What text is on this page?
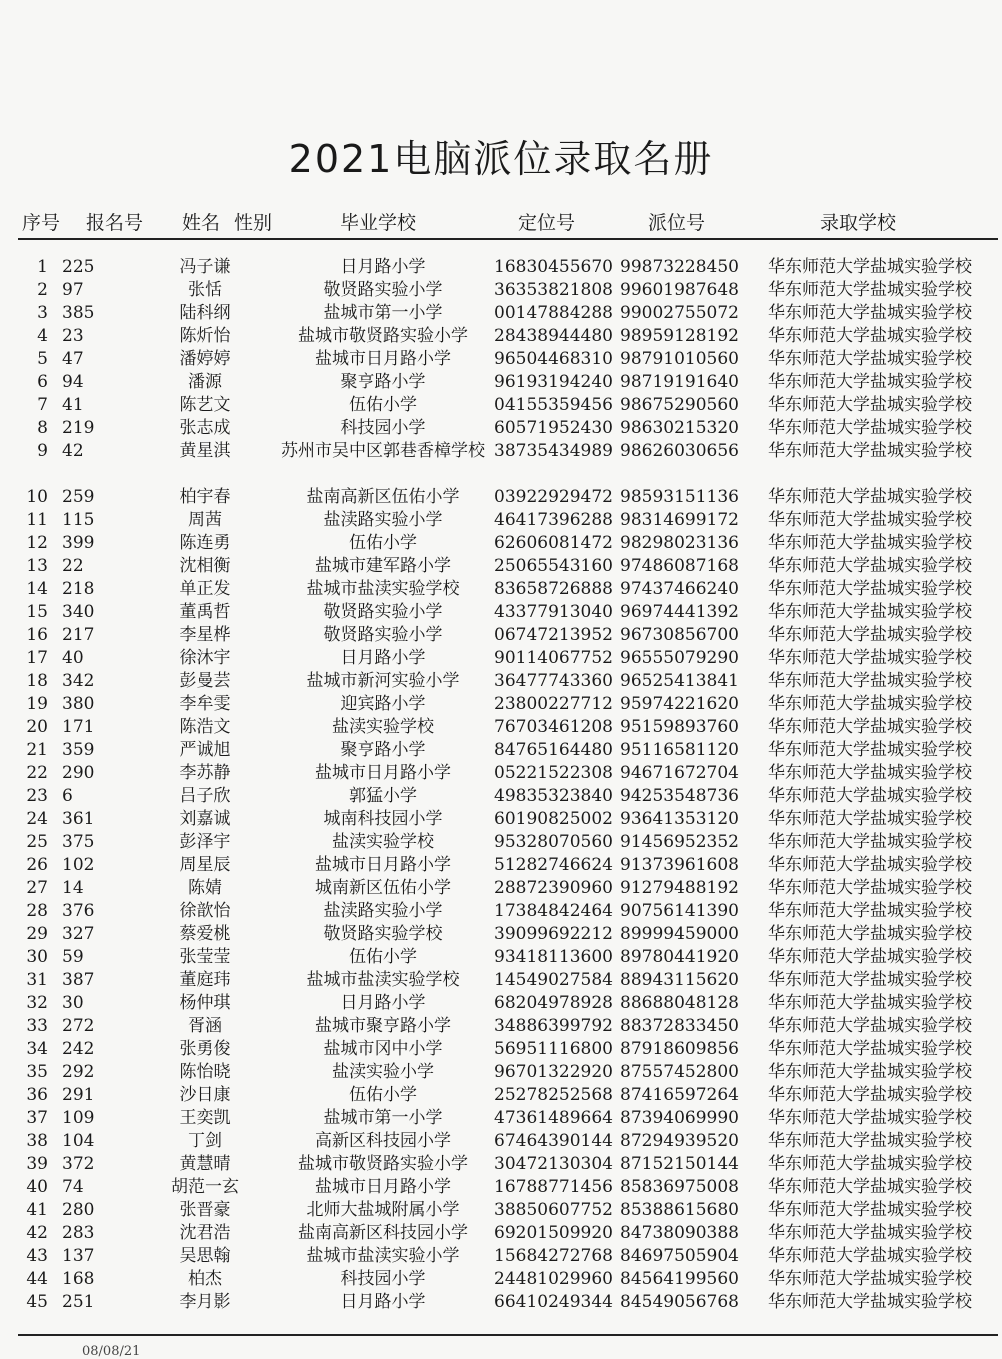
2021电脑派位录取名册
序号 报名号 姓名 性别	毕业学校	定位号	派位号	录取学校
1 225	冯子谦	日月路小学	16830455670 99873228450 华东师范大学盐城实验学校
2 97	张恬	敬贤路实验小学	36353821808 99601987648 华东师范大学盐城实验学校
3 385	陆科纲	盐城市第一小学	00147884288 99002755072 华东师范大学盐城实验学校
4 23	陈炘怡	盐城市敬贤路实验小学	28438944480 98959128192 华东师范大学盐城实验学校
5 47	潘婷婷	盐城市日月路小学	96504468310 98791010560 华东师范大学盐城实验学校
6 94	潘源	聚亨路小学	96193194240 98719191640 华东师范大学盐城实验学校
7 41	陈艺文	伍佑小学	04155359456 98675290560 华东师范大学盐城实验学校
8 219	张志成	科技园小学	60571952430 98630215320 华东师范大学盐城实验学校
9 42	黄星淇	苏州市吴中区郭巷香樟学校 38735434989 98626030656 华东师范大学盐城实验学校
10 259	柏宇春	盐南高新区伍佑小学	03922929472 98593151136 华东师范大学盐城实验学校
11 115	周茜	盐渎路实验小学	46417396288 98314699172 华东师范大学盐城实验学校
12 399	陈连勇	伍佑小学	62606081472 98298023136 华东师范大学盐城实验学校
13 22	沈相衡	盐城市建军路小学	25065543160 97486087168 华东师范大学盐城实验学校
14 218	单正发	盐城市盐渎实验学校	83658726888 97437466240 华东师范大学盐城实验学校
15 340	董禹哲	敬贤路实验小学	43377913040 96974441392 华东师范大学盐城实验学校
16 217	李星桦	敬贤路实验小学	06747213952 96730856700 华东师范大学盐城实验学校
17 40	徐沐宇	日月路小学	90114067752 96555079290 华东师范大学盐城实验学校
18 342	彭曼芸	盐城市新河实验小学	36477743360 96525413841 华东师范大学盐城实验学校
19 380	李牟雯	迎宾路小学	23800227712 95974221620 华东师范大学盐城实验学校
20 171	陈浩文	盐渎实验学校	76703461208 95159893760 华东师范大学盐城实验学校
21 359	严诚旭	聚亨路小学	84765164480 95116581120 华东师范大学盐城实验学校
22 290	李苏静	盐城市日月路小学	05221522308 94671672704 华东师范大学盐城实验学校
23 6	吕子欣	郭猛小学	49835323840 94253548736 华东师范大学盐城实验学校
24 361	刘嘉诚	城南科技园小学	60190825002 93641353120 华东师范大学盐城实验学校
25 375	彭泽宇	盐渎实验学校	95328070560 91456952352 华东师范大学盐城实验学校
26 102	周星辰	盐城市日月路小学	51282746624 91373961608 华东师范大学盐城实验学校
27 14	陈婧	城南新区伍佑小学	28872390960 91279488192 华东师范大学盐城实验学校
28 376	徐歆怡	盐渎路实验小学	17384842464 90756141390 华东师范大学盐城实验学校
29 327	蔡爱桃	敬贤路实验学校	39099692212 89999459000 华东师范大学盐城实验学校
30 59	张莹莹	伍佑小学	93418113600 89780441920 华东师范大学盐城实验学校
31 387	董庭玮	盐城市盐渎实验学校	14549027584 88943115620 华东师范大学盐城实验学校
32 30	杨仲琪	日月路小学	68204978928 88688048128 华东师范大学盐城实验学校
33 272	胥涵	盐城市聚亨路小学	34886399792 88372833450 华东师范大学盐城实验学校
34 242	张勇俊	盐城市冈中小学	56951116800 87918609856 华东师范大学盐城实验学校
35 292	陈怡晓	盐渎实验小学	96701322920 87557452800 华东师范大学盐城实验学校
36 291	沙日康	伍佑小学	25278252568 87416597264 华东师范大学盐城实验学校
37 109	王奕凯	盐城市第一小学	47361489664 87394069990 华东师范大学盐城实验学校
38 104	丁剑	高新区科技园小学	67464390144 87294939520 华东师范大学盐城实验学校
39 372	黄慧晴	盐城市敬贤路实验小学	30472130304 87152150144 华东师范大学盐城实验学校
40 74	胡范一玄	盐城市日月路小学	16788771456 85836975008 华东师范大学盐城实验学校
41 280	张晋豪	北师大盐城附属小学	38850607752 85388615680 华东师范大学盐城实验学校
42 283	沈君浩	盐南高新区科技园小学	69201509920 84738090388 华东师范大学盐城实验学校
43 137	吴思翰	盐城市盐渎实验小学	15684272768 84697505904 华东师范大学盐城实验学校
44 168	柏杰	科技园小学	24481029960 84564199560 华东师范大学盐城实验学校
45 251	李月影	日月路小学	66410249344 84549056768 华东师范大学盐城实验学校
08/08/21
